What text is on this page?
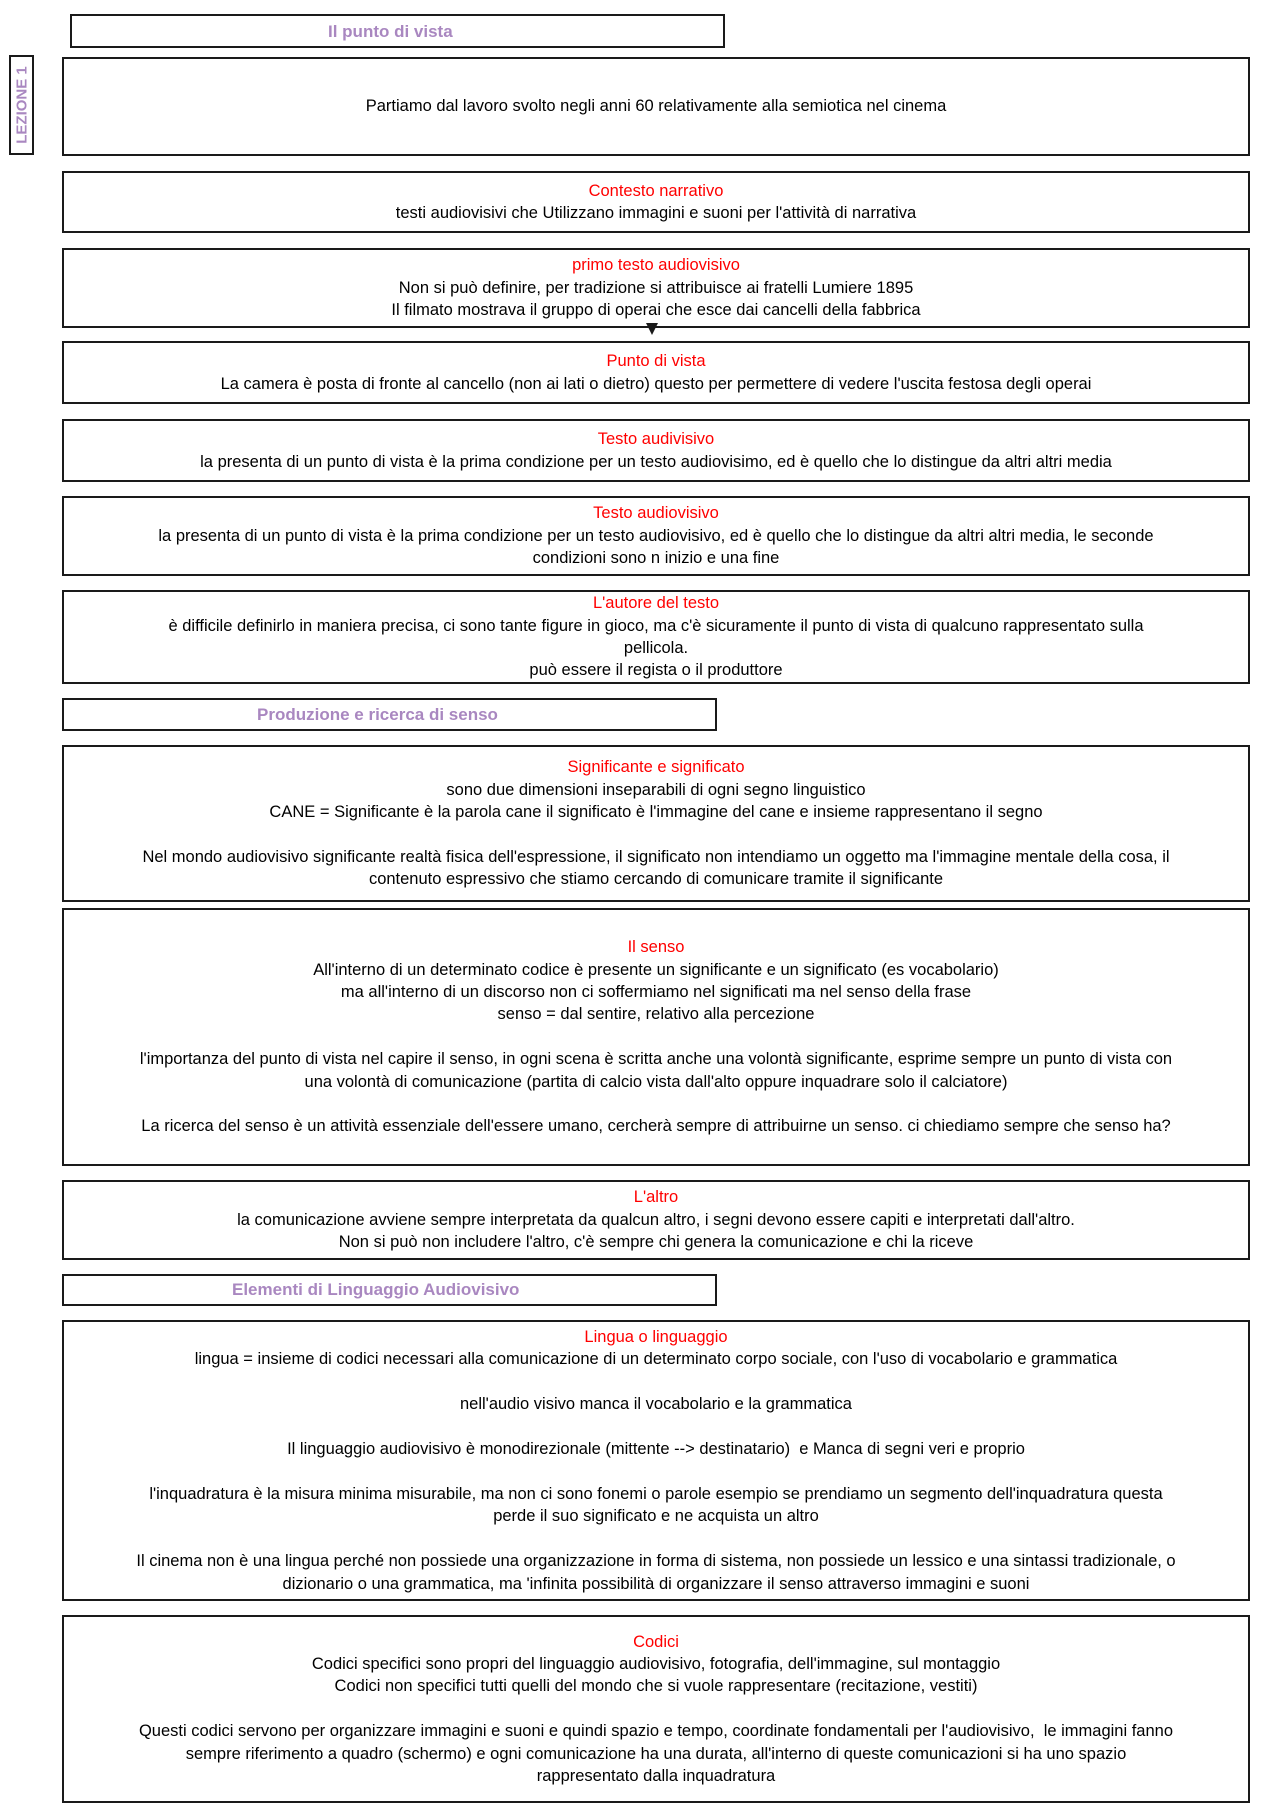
LEZIONE 1
Il punto di vista
Partiamo dal lavoro svolto negli anni 60 relativamente alla semiotica nel cinema
Contesto narrativo
testi audiovisivi che Utilizzano immagini e suoni per l'attività di narrativa
primo testo audiovisivo
Non si può definire, per tradizione si attribuisce ai fratelli Lumiere 1895
Il filmato mostrava il gruppo di operai che esce dai cancelli della fabbrica
Punto di vista
La camera è posta di fronte al cancello (non ai lati o dietro) questo per permettere di vedere l'uscita festosa degli operai
Testo audivisivo
la presenta di un punto di vista è la prima condizione per un testo audiovisimo, ed è quello che lo distingue da altri altri media
Testo audiovisivo
la presenta di un punto di vista è la prima condizione per un testo audiovisivo, ed è quello che lo distingue da altri altri media, le seconde
condizioni sono n inizio e una fine
L'autore del testo
è difficile definirlo in maniera precisa, ci sono tante figure in gioco, ma c'è sicuramente il punto di vista di qualcuno rappresentato sulla
pellicola.
può essere il regista o il produttore
Produzione e ricerca di senso
Significante e significato
sono due dimensioni inseparabili di ogni segno linguistico
CANE = Significante è la parola cane il significato è l'immagine del cane e insieme rappresentano il segno

Nel mondo audiovisivo significante realtà fisica dell'espressione, il significato non intendiamo un oggetto ma l'immagine mentale della cosa, il
contenuto espressivo che stiamo cercando di comunicare tramite il significante
Il senso
All'interno di un determinato codice è presente un significante e un significato (es vocabolario)
ma all'interno di un discorso non ci soffermiamo nel significati ma nel senso della frase
senso = dal sentire, relativo alla percezione

l'importanza del punto di vista nel capire il senso, in ogni scena è scritta anche una volontà significante, esprime sempre un punto di vista con
una volontà di comunicazione (partita di calcio vista dall'alto oppure inquadrare solo il calciatore)

La ricerca del senso è un attività essenziale dell'essere umano, cercherà sempre di attribuirne un senso. ci chiediamo sempre che senso ha?
L'altro
la comunicazione avviene sempre interpretata da qualcun altro, i segni devono essere capiti e interpretati dall'altro.
Non si può non includere l'altro, c'è sempre chi genera la comunicazione e chi la riceve
Elementi di Linguaggio Audiovisivo
Lingua o linguaggio
lingua = insieme di codici necessari alla comunicazione di un determinato corpo sociale, con l'uso di vocabolario e grammatica

nell'audio visivo manca il vocabolario e la grammatica

Il linguaggio audiovisivo è monodirezionale (mittente --> destinatario)  e Manca di segni veri e proprio

l'inquadratura è la misura minima misurabile, ma non ci sono fonemi o parole esempio se prendiamo un segmento dell'inquadratura questa
perde il suo significato e ne acquista un altro

Il cinema non è una lingua perché non possiede una organizzazione in forma di sistema, non possiede un lessico e una sintassi tradizionale, o
dizionario o una grammatica, ma 'infinita possibilità di organizzare il senso attraverso immagini e suoni
Codici
Codici specifici sono propri del linguaggio audiovisivo, fotografia, dell'immagine, sul montaggio
Codici non specifici tutti quelli del mondo che si vuole rappresentare (recitazione, vestiti)

Questi codici servono per organizzare immagini e suoni e quindi spazio e tempo, coordinate fondamentali per l'audiovisivo,  le immagini fanno
sempre riferimento a quadro (schermo) e ogni comunicazione ha una durata, all'interno di queste comunicazioni si ha uno spazio
rappresentato dalla inquadratura
